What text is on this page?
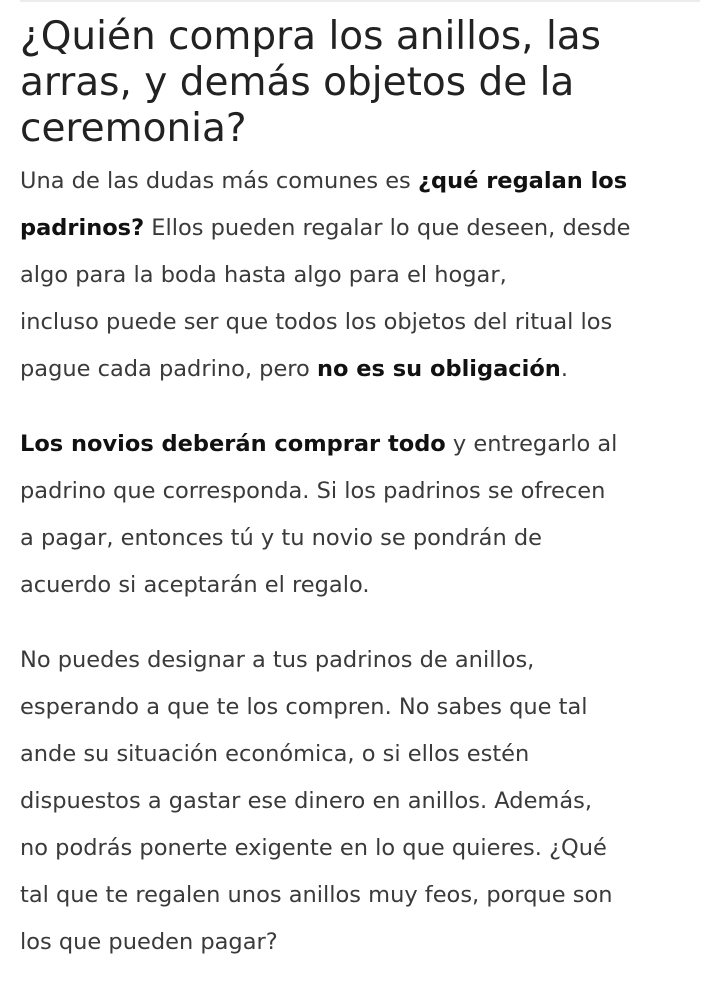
¿Quién compra los anillos, las
arras, y demás objetos de la
ceremonia?

Una de las dudas más comunes es ¿qué regalan los
padrinos? Ellos pueden regalar lo que deseen, desde
algo para la boda hasta algo para el hogar,
incluso puede ser que todos los objetos del ritual los
pague cada padrino, pero no es su obligación.

Los novios deberán comprar todo y entregarlo al
padrino que corresponda. Si los padrinos se ofrecen
a pagar, entonces tú y tu novio se pondrán de
acuerdo si aceptarán el regalo.

No puedes designar a tus padrinos de anillos,
esperando a que te los compren. No sabes que tal
ande su situación económica, o si ellos estén
dispuestos a gastar ese dinero en anillos. Además,
no podrás ponerte exigente en lo que quieres. ¿Qué
tal que te regalen unos anillos muy feos, porque son
los que pueden pagar?
